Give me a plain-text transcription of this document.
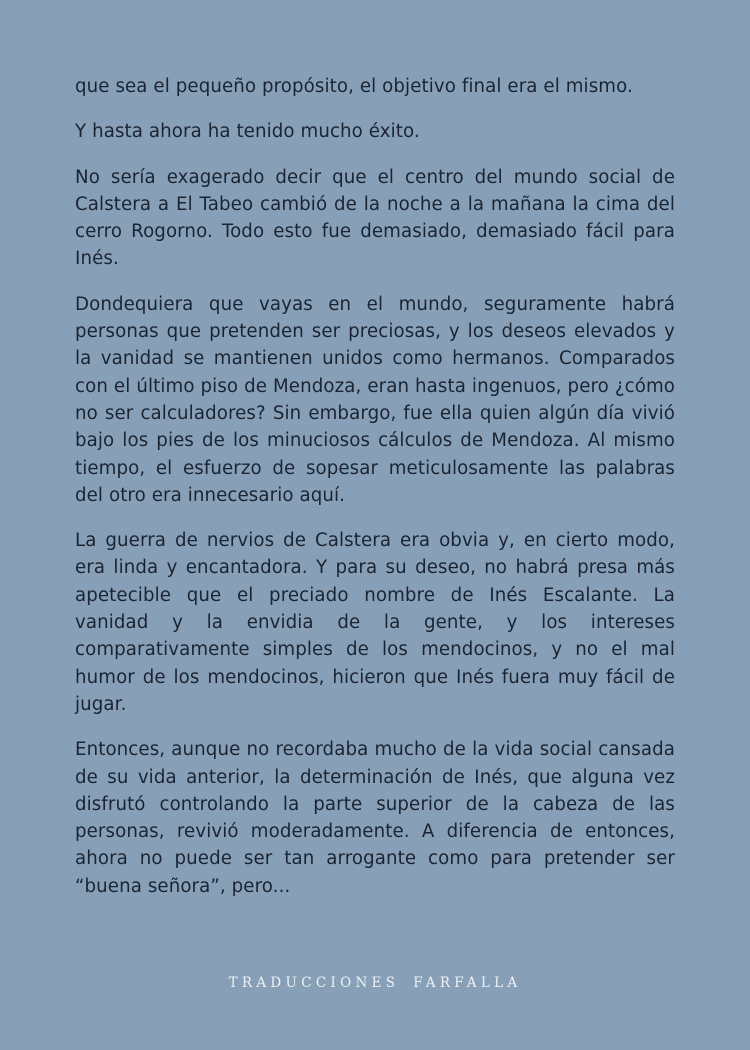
que sea el pequeño propósito, el objetivo final era el mismo.

Y hasta ahora ha tenido mucho éxito.

No sería exagerado decir que el centro del mundo social de Calstera a El Tabeo cambió de la noche a la mañana la cima del cerro Rogorno. Todo esto fue demasiado, demasiado fácil para Inés.

Dondequiera que vayas en el mundo, seguramente habrá personas que pretenden ser preciosas, y los deseos elevados y la vanidad se mantienen unidos como hermanos. Comparados con el último piso de Mendoza, eran hasta ingenuos, pero ¿cómo no ser calculadores? Sin embargo, fue ella quien algún día vivió bajo los pies de los minuciosos cálculos de Mendoza. Al mismo tiempo, el esfuerzo de sopesar meticulosamente las palabras del otro era innecesario aquí.

La guerra de nervios de Calstera era obvia y, en cierto modo, era linda y encantadora. Y para su deseo, no habrá presa más apetecible que el preciado nombre de Inés Escalante. La vanidad y la envidia de la gente, y los intereses comparativamente simples de los mendocinos, y no el mal humor de los mendocinos, hicieron que Inés fuera muy fácil de jugar.

Entonces, aunque no recordaba mucho de la vida social cansada de su vida anterior, la determinación de Inés, que alguna vez disfrutó controlando la parte superior de la cabeza de las personas, revivió moderadamente. A diferencia de entonces, ahora no puede ser tan arrogante como para pretender ser “buena señora”, pero...

TRADUCCIONES FARFALLA
